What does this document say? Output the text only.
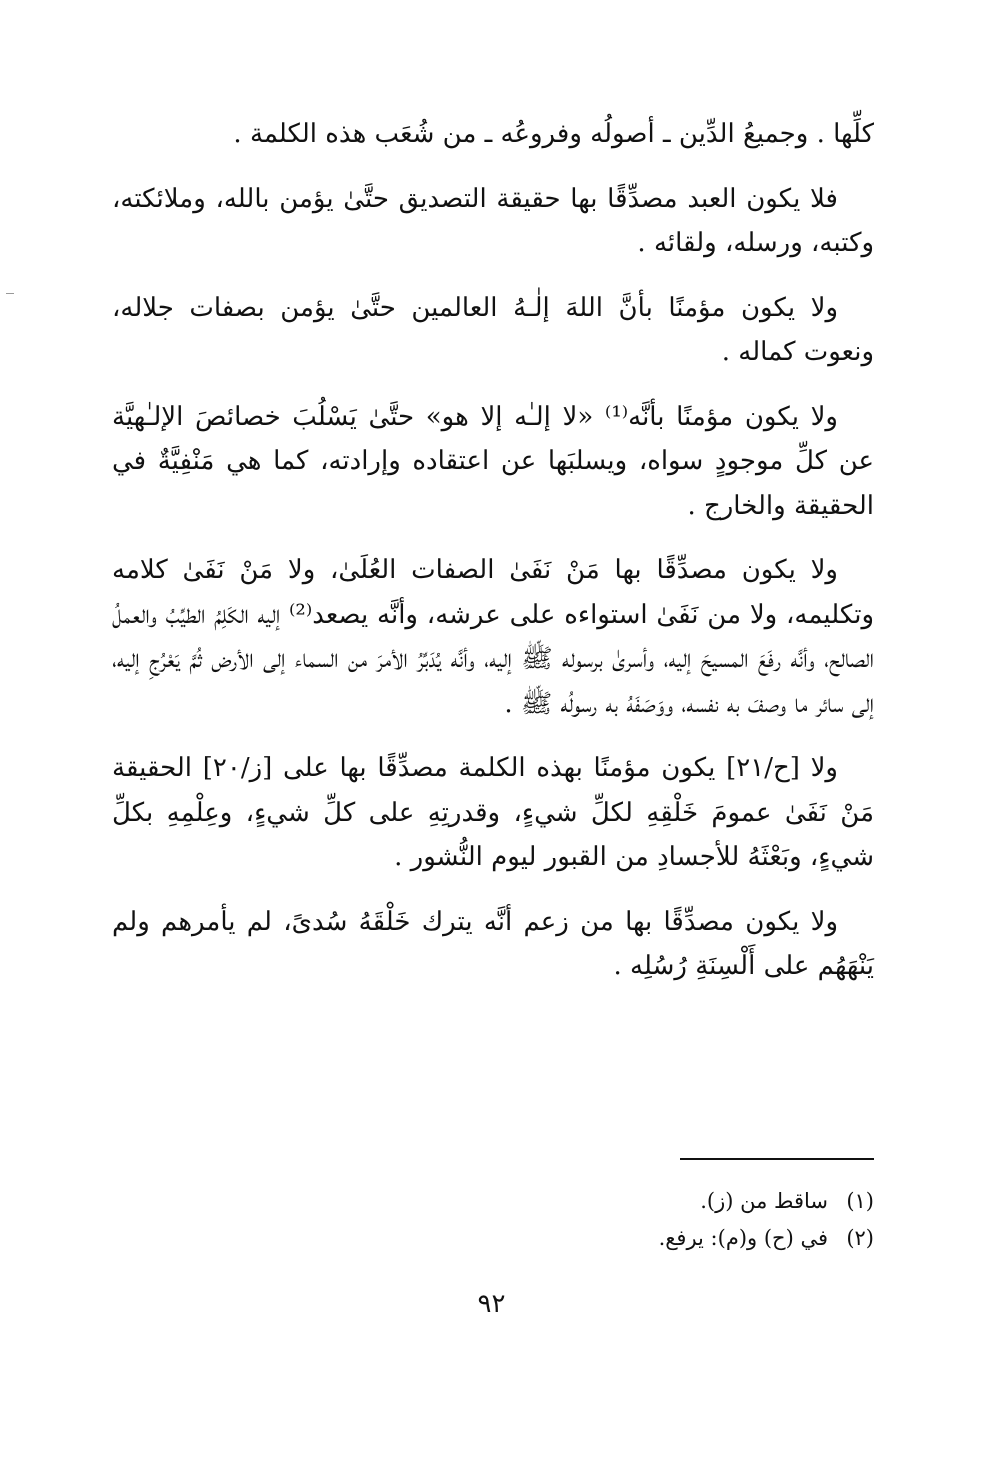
كلِّها . وجميعُ الدِّين ـ أصولُه وفروعُه ـ من شُعَب هذه الكلمة .

فلا يكون العبد مصدِّقًا بها حقيقة التصديق حتَّىٰ يؤمن بالله، وملائكته، وكتبه، ورسله، ولقائه .

ولا يكون مؤمنًا بأنَّ اللهَ إلٰـهُ العالمين حتَّىٰ يؤمن بصفات جلاله، ونعوت كماله .

ولا يكون مؤمنًا بأنَّه⁽¹⁾ «لا إلـٰه إلا هو» حتَّىٰ يَسْلُبَ خصائصَ الإلـٰهيَّة عن كلِّ موجودٍ سواه، ويسلبَها عن اعتقاده وإرادته، كما هي مَنْفِيَّةٌ في الحقيقة والخارج .

ولا يكون مصدِّقًا بها مَنْ نَفَىٰ الصفات العُلَىٰ، ولا مَنْ نَفَىٰ كلامه وتكليمه، ولا من نَفَىٰ استواءه على عرشه، وأنَّه يصعد⁽²⁾ إليه الكَلِمُ الطيِّبُ والعملُ الصالح، وأنَّه رفَعَ المسيحَ إليه، وأسرىٰ برسوله ﷺ إليه، وأنَّه يُدَبِّرُ الأمرَ من السماء إلى الأرض ثُمَّ يَعْرُجِ إليه، إلى سائر ما وصفَ به نفسه، ووَصَفَهُ به رسولُه ﷺ .

ولا [ح/٢١] يكون مؤمنًا بهذه الكلمة مصدِّقًا بها على [ز/٢٠] الحقيقة مَنْ نَفَىٰ عمومَ خَلْقِهِ لكلِّ شيءٍ، وقدرتِهِ على كلِّ شيءٍ، وعِلْمِهِ بكلِّ شيءٍ، وبَعْثَهُ للأجسادِ من القبور ليوم النُّشور .

ولا يكون مصدِّقًا بها من زعم أنَّه يترك خَلْقَهُ سُدىً، لم يأمرهم ولم يَنْهَهُم على أَلْسِنَةِ رُسُلِه .

(١)
ساقط من (ز).
(٢)
في (ح) و(م): يرفع.
٩٢
